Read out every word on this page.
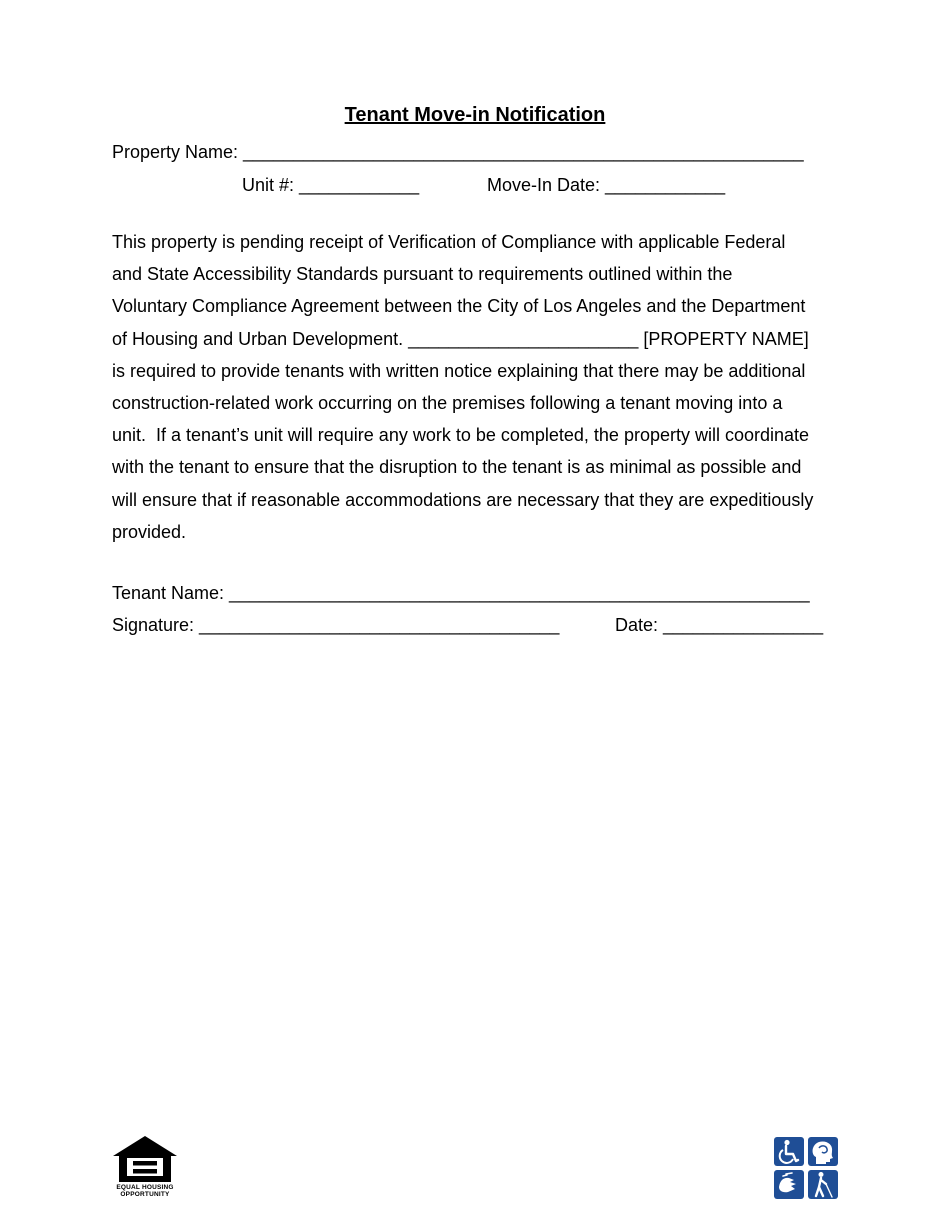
Tenant Move-in Notification
Property Name: ________________________________________________________
Unit #: ____________	Move-In Date: ____________
This property is pending receipt of Verification of Compliance with applicable Federal
and State Accessibility Standards pursuant to requirements outlined within the
Voluntary Compliance Agreement between the City of Los Angeles and the Department
of Housing and Urban Development. _______________________ [PROPERTY NAME]
is required to provide tenants with written notice explaining that there may be additional
construction-related work occurring on the premises following a tenant moving into a
unit.  If a tenant’s unit will require any work to be completed, the property will coordinate
with the tenant to ensure that the disruption to the tenant is as minimal as possible and
will ensure that if reasonable accommodations are necessary that they are expeditiously
provided.
Tenant Name: __________________________________________________________
Signature: ____________________________________	Date: ________________
EQUAL HOUSING
OPPORTUNITY
